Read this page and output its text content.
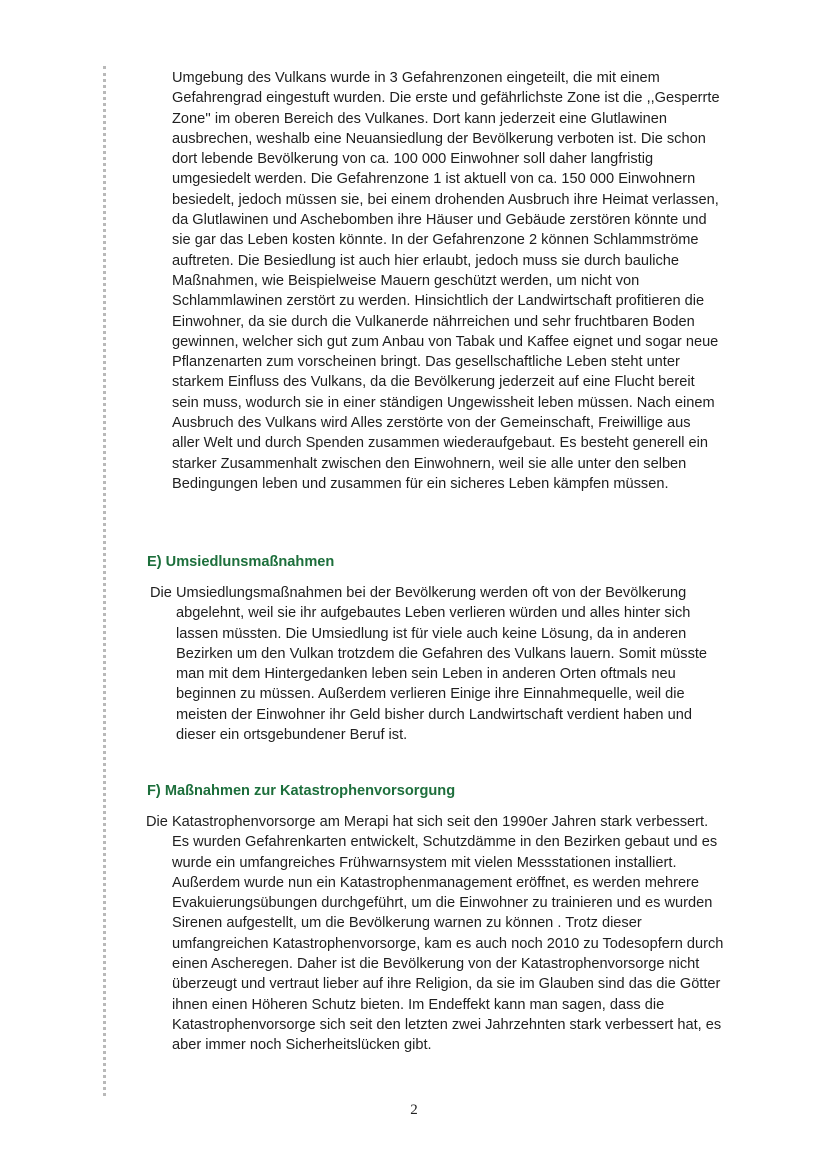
Umgebung des Vulkans wurde in 3 Gefahrenzonen eingeteilt, die mit einem Gefahrengrad eingestuft wurden. Die erste und gefährlichste Zone ist die ,,Gesperrte Zone'' im oberen Bereich des Vulkanes. Dort kann jederzeit eine Glutlawinen ausbrechen, weshalb eine Neuansiedlung der Bevölkerung verboten ist. Die schon dort lebende Bevölkerung von ca. 100 000 Einwohner soll daher langfristig umgesiedelt werden. Die Gefahrenzone 1 ist aktuell von ca. 150 000 Einwohnern besiedelt, jedoch müssen sie, bei einem drohenden Ausbruch ihre Heimat verlassen, da Glutlawinen und Aschebomben ihre Häuser und Gebäude zerstören könnte und sie gar das Leben kosten könnte. In der Gefahrenzone 2 können Schlammströme auftreten. Die Besiedlung ist auch hier erlaubt, jedoch muss sie durch bauliche Maßnahmen, wie Beispielweise Mauern geschützt werden, um nicht von Schlammlawinen zerstört zu werden. Hinsichtlich der Landwirtschaft profitieren die Einwohner, da sie durch die Vulkanerde nährreichen und sehr fruchtbaren Boden gewinnen, welcher sich gut zum Anbau von Tabak und Kaffee eignet und sogar neue Pflanzenarten zum vorscheinen bringt. Das gesellschaftliche Leben steht unter starkem Einfluss des Vulkans, da die Bevölkerung jederzeit auf eine Flucht bereit sein muss, wodurch sie in einer ständigen Ungewissheit leben müssen. Nach einem Ausbruch des Vulkans wird Alles zerstörte von der Gemeinschaft, Freiwillige aus aller Welt und durch Spenden zusammen wiederaufgebaut. Es besteht generell ein starker Zusammenhalt zwischen den Einwohnern, weil sie alle unter den selben Bedingungen leben und zusammen für ein sicheres Leben kämpfen müssen.

E) Umsiedlunsmaßnahmen

Die Umsiedlungsmaßnahmen bei der Bevölkerung werden oft von der Bevölkerung abgelehnt, weil sie ihr aufgebautes Leben verlieren würden und alles hinter sich lassen müssten. Die Umsiedlung ist für viele auch keine Lösung, da in anderen Bezirken um den Vulkan trotzdem die Gefahren des Vulkans lauern. Somit müsste man mit dem Hintergedanken leben sein Leben in anderen Orten oftmals neu beginnen zu müssen. Außerdem verlieren Einige ihre Einnahmequelle, weil die meisten der Einwohner ihr Geld bisher durch Landwirtschaft verdient haben und dieser ein ortsgebundener Beruf ist.

F) Maßnahmen zur Katastrophenvorsorgung

Die Katastrophenvorsorge am Merapi hat sich seit den 1990er Jahren stark verbessert. Es wurden Gefahrenkarten entwickelt, Schutzdämme in den Bezirken gebaut und es wurde ein umfangreiches Frühwarnsystem mit vielen Messstationen installiert. Außerdem wurde nun ein Katastrophenmanagement eröffnet, es werden mehrere Evakuierungsübungen durchgeführt, um die Einwohner zu trainieren und es wurden Sirenen aufgestellt, um die Bevölkerung warnen zu können . Trotz dieser umfangreichen Katastrophenvorsorge, kam es auch noch 2010 zu Todesopfern durch einen Ascheregen. Daher ist die Bevölkerung von der Katastrophenvorsorge nicht überzeugt und vertraut lieber auf ihre Religion, da sie im Glauben sind das die Götter ihnen einen Höheren Schutz bieten. Im Endeffekt kann man sagen, dass die Katastrophenvorsorge sich seit den letzten zwei Jahrzehnten stark verbessert hat, es aber immer noch Sicherheitslücken gibt.

2
